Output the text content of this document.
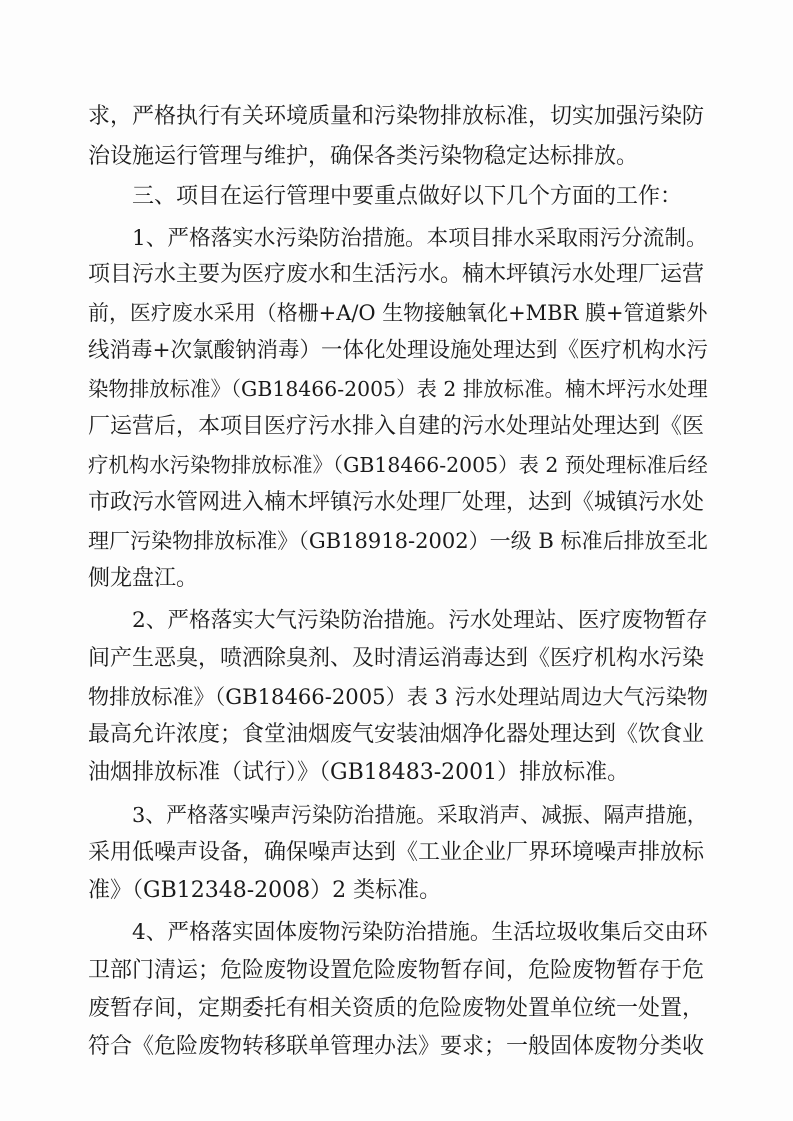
求，严格执行有关环境质量和污染物排放标准，切实加强污染防
治设施运行管理与维护，确保各类污染物稳定达标排放。
三、项目在运行管理中要重点做好以下几个方面的工作：
1、严格落实水污染防治措施。本项目排水采取雨污分流制。
项目污水主要为医疗废水和生活污水。楠木坪镇污水处理厂运营
前，医疗废水采用（格栅+A/O 生物接触氧化+MBR 膜+管道紫外
线消毒+次氯酸钠消毒）一体化处理设施处理达到《医疗机构水污
染物排放标准》（GB18466-2005）表 2 排放标准。楠木坪污水处理
厂运营后，本项目医疗污水排入自建的污水处理站处理达到《医
疗机构水污染物排放标准》（GB18466-2005）表 2 预处理标准后经
市政污水管网进入楠木坪镇污水处理厂处理，达到《城镇污水处
理厂污染物排放标准》（GB18918-2002）一级 B 标准后排放至北
侧龙盘江。
2、严格落实大气污染防治措施。污水处理站、医疗废物暂存
间产生恶臭，喷洒除臭剂、及时清运消毒达到《医疗机构水污染
物排放标准》（GB18466-2005）表 3 污水处理站周边大气污染物
最高允许浓度；食堂油烟废气安装油烟净化器处理达到《饮食业
油烟排放标准（试行）》（GB18483-2001）排放标准。
3、严格落实噪声污染防治措施。采取消声、减振、隔声措施，
采用低噪声设备，确保噪声达到《工业企业厂界环境噪声排放标
准》（GB12348-2008）2 类标准。
4、严格落实固体废物污染防治措施。生活垃圾收集后交由环
卫部门清运；危险废物设置危险废物暂存间，危险废物暂存于危
废暂存间，定期委托有相关资质的危险废物处置单位统一处置，
符合《危险废物转移联单管理办法》要求；一般固体废物分类收
